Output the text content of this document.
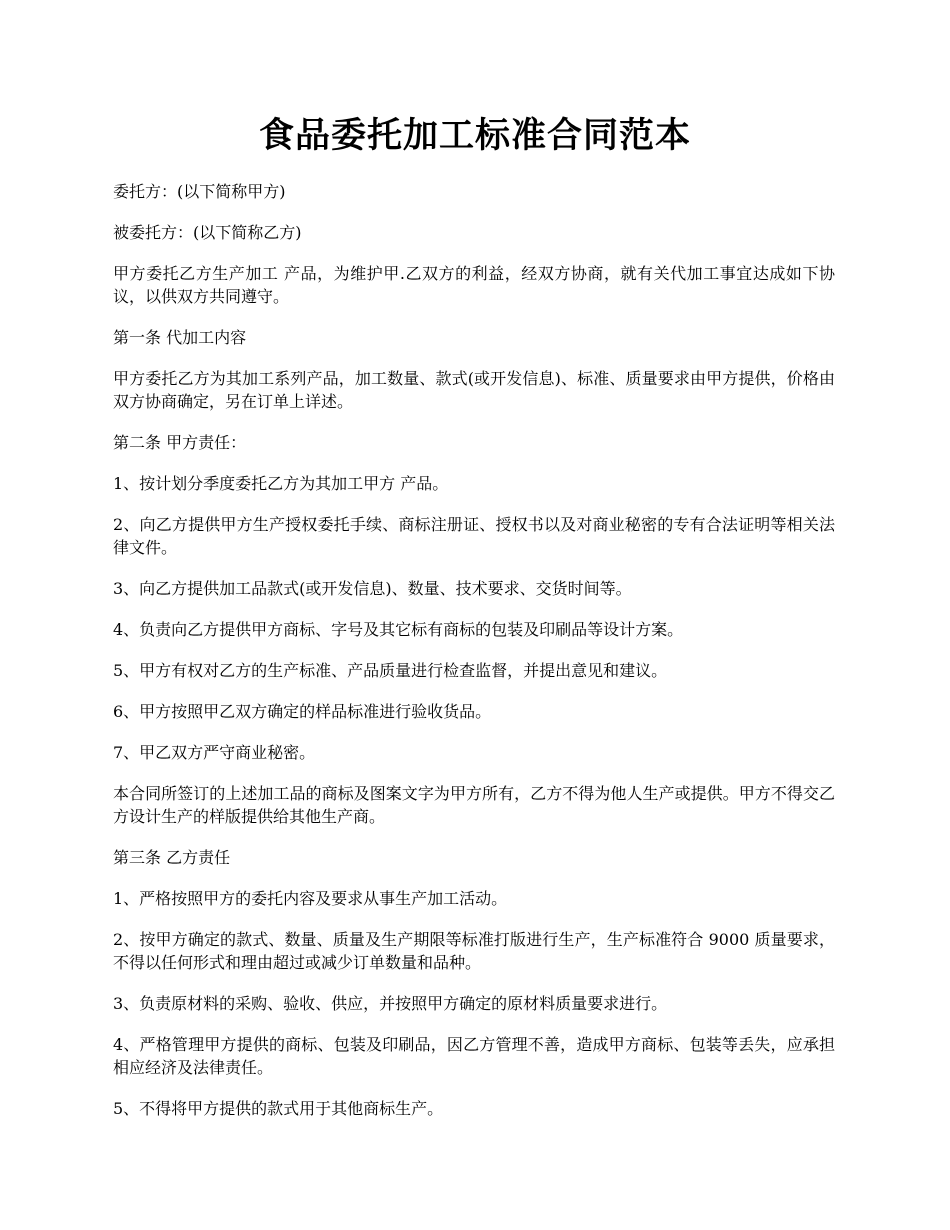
食品委托加工标准合同范本

委托方：(以下简称甲方)

被委托方：(以下简称乙方)

甲方委托乙方生产加工 产品，为维护甲.乙双方的利益，经双方协商，就有关代加工事宜达成如下协议，以供双方共同遵守。

第一条 代加工内容

甲方委托乙方为其加工系列产品，加工数量、款式(或开发信息)、标准、质量要求由甲方提供，价格由双方协商确定，另在订单上详述。

第二条 甲方责任：

1、按计划分季度委托乙方为其加工甲方 产品。

2、向乙方提供甲方生产授权委托手续、商标注册证、授权书以及对商业秘密的专有合法证明等相关法律文件。

3、向乙方提供加工品款式(或开发信息)、数量、技术要求、交货时间等。

4、负责向乙方提供甲方商标、字号及其它标有商标的包装及印刷品等设计方案。

5、甲方有权对乙方的生产标准、产品质量进行检查监督，并提出意见和建议。

6、甲方按照甲乙双方确定的样品标准进行验收货品。

7、甲乙双方严守商业秘密。

本合同所签订的上述加工品的商标及图案文字为甲方所有，乙方不得为他人生产或提供。甲方不得交乙方设计生产的样版提供给其他生产商。

第三条 乙方责任

1、严格按照甲方的委托内容及要求从事生产加工活动。

2、按甲方确定的款式、数量、质量及生产期限等标准打版进行生产，生产标准符合 9000 质量要求，不得以任何形式和理由超过或减少订单数量和品种。

3、负责原材料的采购、验收、供应，并按照甲方确定的原材料质量要求进行。

4、严格管理甲方提供的商标、包装及印刷品，因乙方管理不善，造成甲方商标、包装等丢失，应承担相应经济及法律责任。

5、不得将甲方提供的款式用于其他商标生产。
